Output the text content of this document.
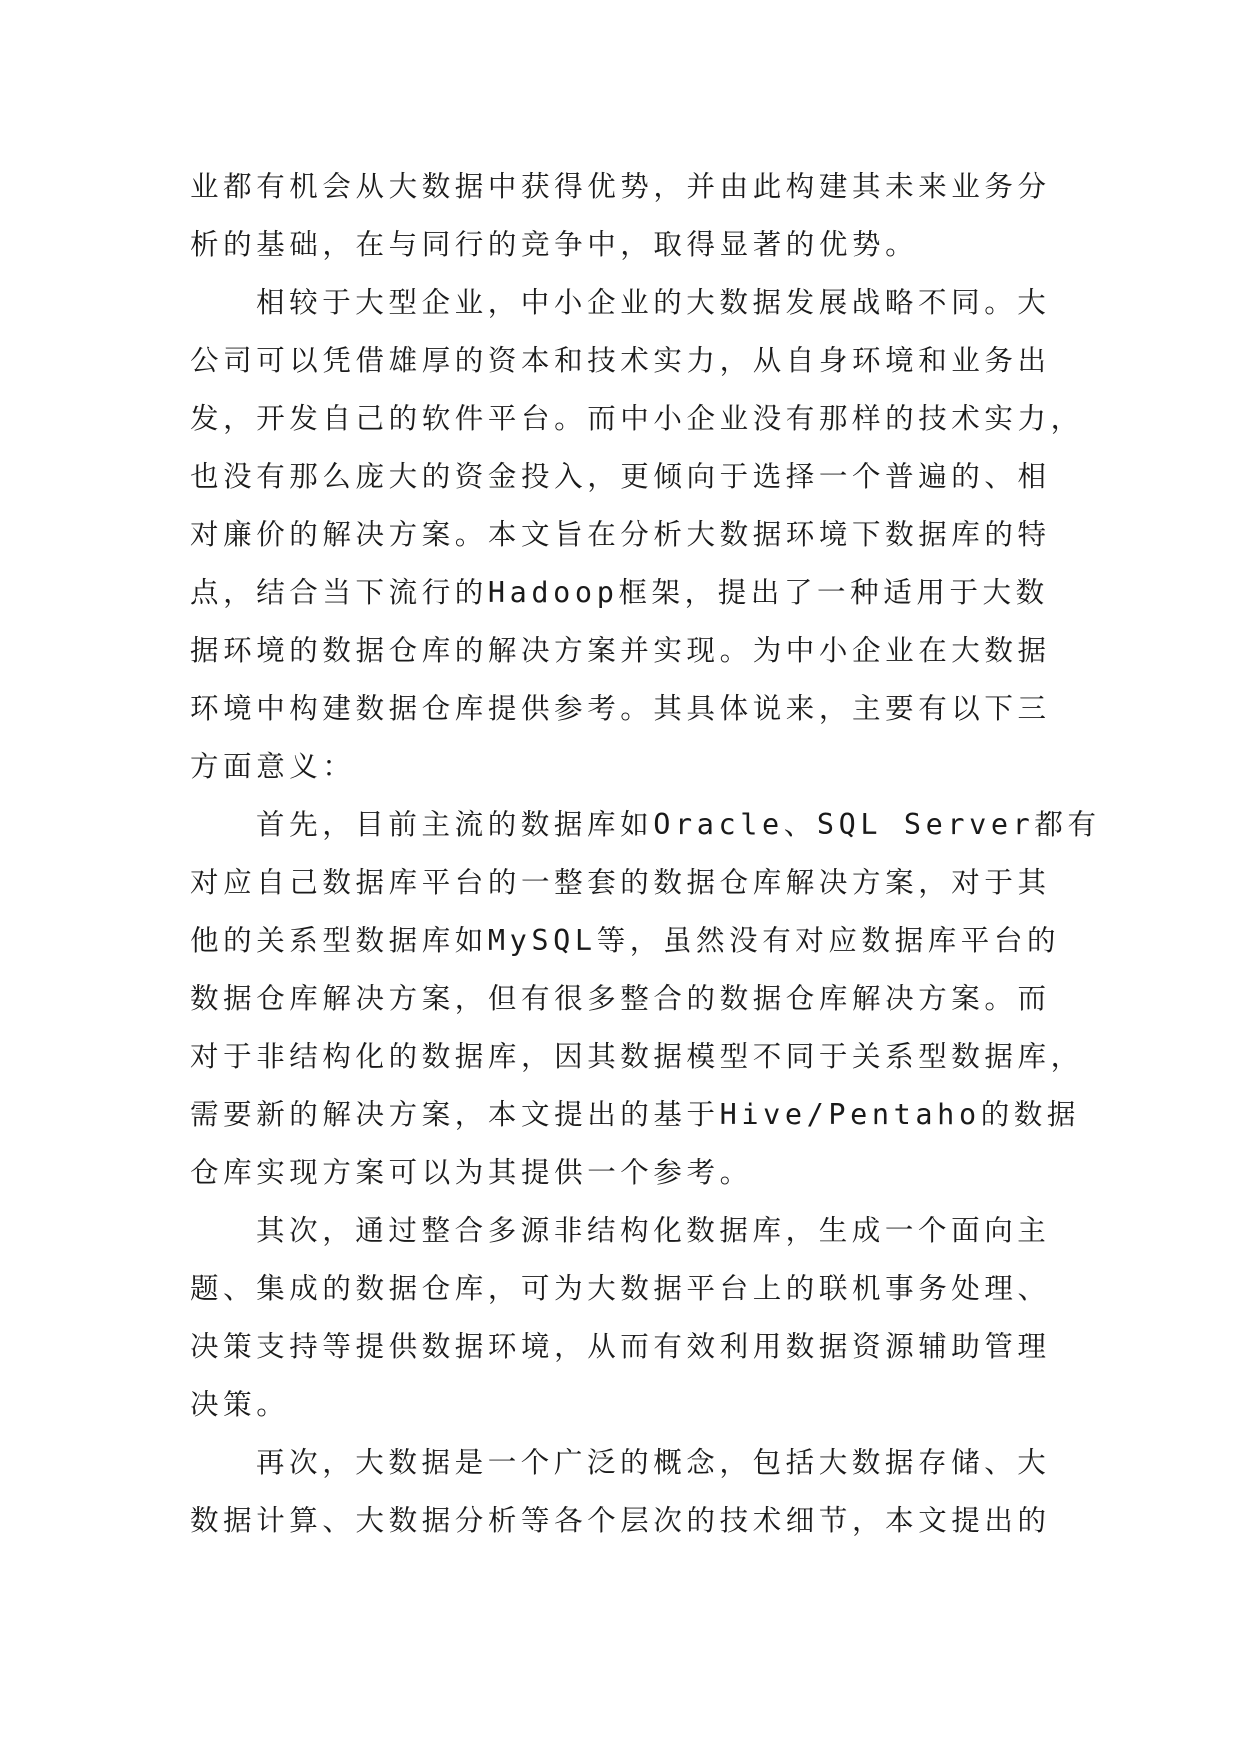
业都有机会从大数据中获得优势，并由此构建其未来业务分
析的基础，在与同行的竞争中，取得显著的优势。
相较于大型企业，中小企业的大数据发展战略不同。大
公司可以凭借雄厚的资本和技术实力，从自身环境和业务出
发，开发自己的软件平台。而中小企业没有那样的技术实力，
也没有那么庞大的资金投入，更倾向于选择一个普遍的、相
对廉价的解决方案。本文旨在分析大数据环境下数据库的特
点，结合当下流行的Hadoop框架，提出了一种适用于大数
据环境的数据仓库的解决方案并实现。为中小企业在大数据
环境中构建数据仓库提供参考。其具体说来，主要有以下三
方面意义：
首先，目前主流的数据库如Oracle、SQL Server都有
对应自己数据库平台的一整套的数据仓库解决方案，对于其
他的关系型数据库如MySQL等，虽然没有对应数据库平台的
数据仓库解决方案，但有很多整合的数据仓库解决方案。而
对于非结构化的数据库，因其数据模型不同于关系型数据库，
需要新的解决方案，本文提出的基于Hive/Pentaho的数据
仓库实现方案可以为其提供一个参考。
其次，通过整合多源非结构化数据库，生成一个面向主
题、集成的数据仓库，可为大数据平台上的联机事务处理、
决策支持等提供数据环境，从而有效利用数据资源辅助管理
决策。
再次，大数据是一个广泛的概念，包括大数据存储、大
数据计算、大数据分析等各个层次的技术细节，本文提出的
